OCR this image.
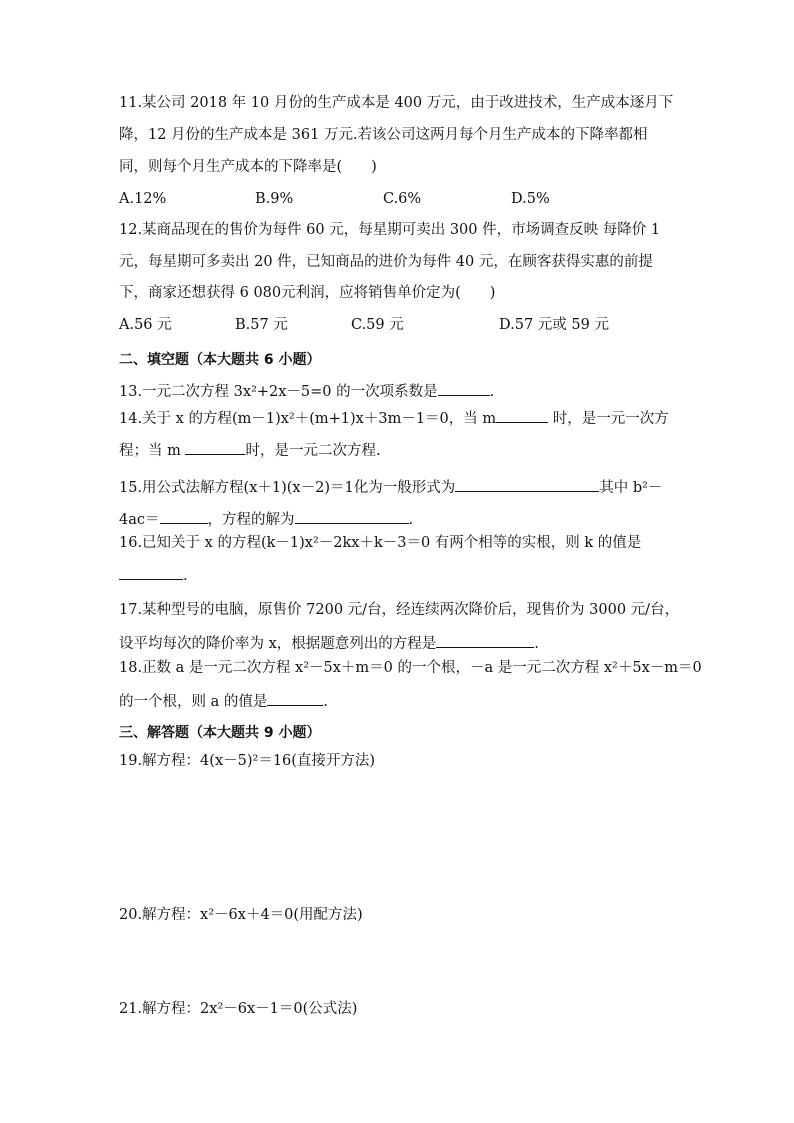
11.某公司 2018 年 10 月份的生产成本是 400 万元，由于改进技术，生产成本逐月下
降，12 月份的生产成本是 361 万元.若该公司这两月每个月生产成本的下降率都相
同，则每个月生产成本的下降率是(　　)
A.12%	B.9%	C.6%	D.5%
12.某商品现在的售价为每件 60 元，每星期可卖出 300 件，市场调查反映 每降价 1
元，每星期可多卖出 20 件，已知商品的进价为每件 40 元，在顾客获得实惠的前提
下，商家还想获得 6 080元利润，应将销售单价定为(　　)
A.56 元	B.57 元	C.59 元	D.57 元或 59 元
二、填空题（本大题共 6 小题）
13.一元二次方程 3x²+2x－5=0 的一次项系数是	.
14.关于 x 的方程(m－1)x²＋(m+1)x＋3m－1＝0，当 m	时，是一元一次方
程；当 m	时，是一元二次方程.
15.用公式法解方程(x＋1)(x－2)＝1化为一般形式为	其中 b²－
4ac＝	，方程的解为	.
16.已知关于 x 的方程(k－1)x²－2kx＋k－3＝0 有两个相等的实根，则 k 的值是
.
17.某种型号的电脑，原售价 7200 元/台，经连续两次降价后，现售价为 3000 元/台，
设平均每次的降价率为 x，根据题意列出的方程是	.
18.正数 a 是一元二次方程 x²－5x＋m＝0 的一个根，－a 是一元二次方程 x²＋5x－m＝0
的一个根，则 a 的值是	.
三、解答题（本大题共 9 小题）
19.解方程：4(x－5)²＝16(直接开方法)
20.解方程：x²－6x＋4＝0(用配方法)
21.解方程：2x²－6x－1＝0(公式法)
